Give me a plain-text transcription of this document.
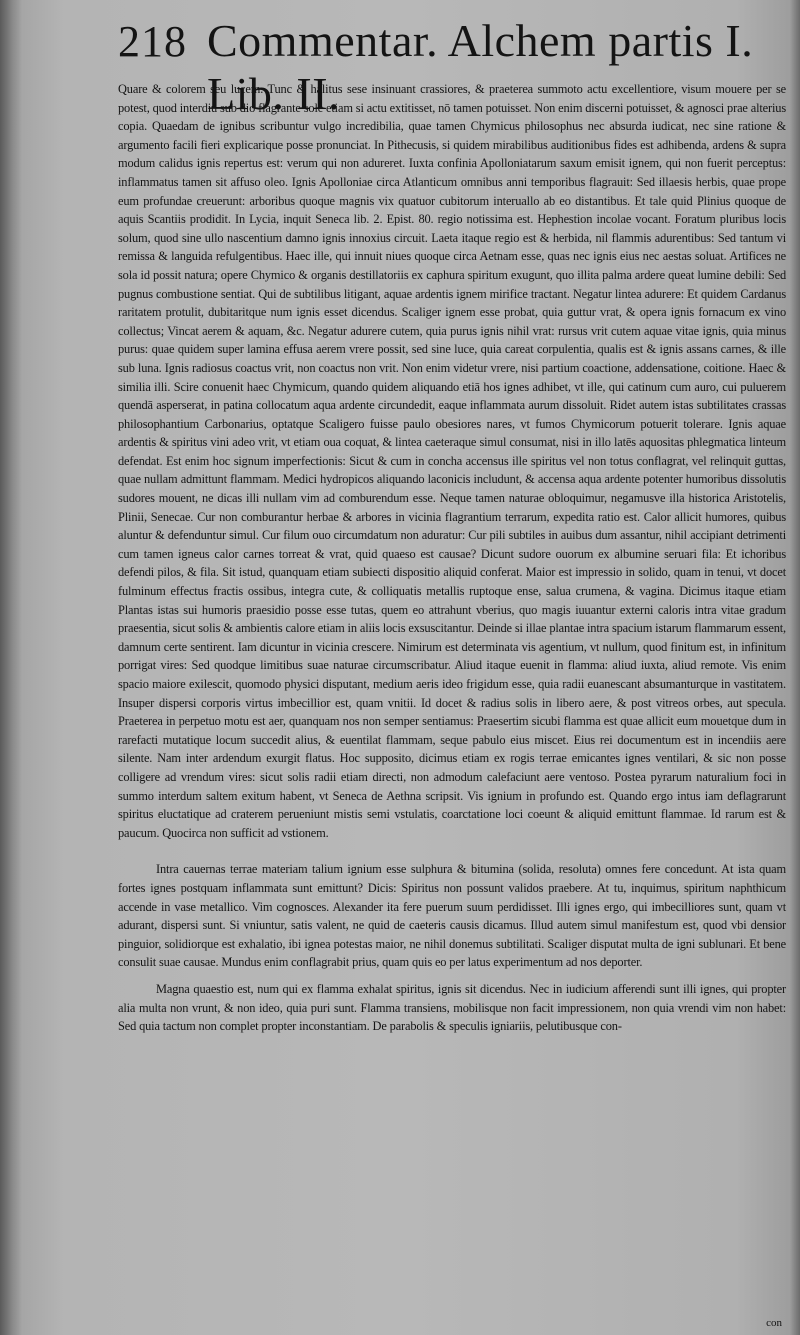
218 Commentar. Alchem partis I. Lib. II.

Quare & colorem seu lucem. Tunc & halitus sese insinuant crassiores, & praeterea summoto actu excellentiore, visum mouere per se potest, quod interdiu sub dio flagrante sole etiam si actu extitisset, nō tamen potuisset. Non enim discerni potuisset, & agnosci prae alterius copia. Quaedam de ignibus scribuntur vulgo incredibilia, quae tamen Chymicus philosophus nec absurda iudicat, nec sine ratione & argumento facili fieri explicarique posse pronunciat. In Pithecusis, si quidem mirabilibus auditionibus fides est adhibenda, ardens & supra modum calidus ignis repertus est: verum qui non adureret. Iuxta confinia Apolloniatarum saxum emisit ignem, qui non fuerit perceptus: inflammatus tamen sit affuso oleo. Ignis Apolloniae circa Atlanticum omnibus anni temporibus flagrauit: Sed illaesis herbis, quae prope eum profundae creuerunt: arboribus quoque magnis vix quatuor cubitorum interuallo ab eo distantibus. Et tale quid Plinius quoque de aquis Scantiis prodidit. In Lycia, inquit Seneca lib. 2. Epist. 80. regio notissima est. Hephestion incolae vocant. Foratum pluribus locis solum, quod sine ullo nascentium damno ignis innoxius circuit. Laeta itaque regio est & herbida, nil flammis adurentibus: Sed tantum vi remissa & languida refulgentibus. Haec ille, qui innuit niues quoque circa Aetnam esse, quas nec ignis eius nec aestas soluat. Artifices ne sola id possit natura; opere Chymico & organis destillatoriis ex caphura spiritum exugunt, quo illita palma ardere queat lumine debili: Sed pugnus combustione sentiat. Qui de subtilibus litigant, aquae ardentis ignem mirifice tractant. Negatur lintea adurere: Et quidem Cardanus raritatem protulit, dubitaritque num ignis esset dicendus. Scaliger ignem esse probat, quia guttur vrat, & opera ignis fornacum ex vino collectus; Vincat aerem & aquam, &c. Negatur adurere cutem, quia purus ignis nihil vrat: rursus vrit cutem aquae vitae ignis, quia minus purus: quae quidem super lamina effusa aerem vrere possit, sed sine luce, quia careat corpulentia, qualis est & ignis assans carnes, & ille sub luna. Ignis radiosus coactus vrit, non coactus non vrit. Non enim videtur vrere, nisi partium coactione, addensatione, coitione. Haec & similia illi. Scire conuenit haec Chymicum, quando quidem aliquando etiā hos ignes adhibet, vt ille, qui catinum cum auro, cui puluerem quendā asperserat, in patina collocatum aqua ardente circundedit, eaque inflammata aurum dissoluit. Ridet autem istas subtilitates crassas philosophantium Carbonarius, optatque Scaligero fuisse paulo obesiores nares, vt fumos Chymicorum potuerit tolerare. Ignis aquae ardentis & spiritus vini adeo vrit, vt etiam oua coquat, & lintea caeteraque simul consumat, nisi in illo latēs aquositas phlegmatica linteum defendat. Est enim hoc signum imperfectionis: Sicut & cum in concha accensus ille spiritus vel non totus conflagrat, vel relinquit guttas, quae nullam admittunt flammam. Medici hydropicos aliquando laconicis includunt, & accensa aqua ardente potenter humoribus dissolutis sudores mouent, ne dicas illi nullam vim ad comburendum esse. Neque tamen naturae obloquimur, negamusve illa historica Aristotelis, Plinii, Senecae. Cur non comburantur herbae & arbores in vicinia flagrantium terrarum, expedita ratio est. Calor allicit humores, quibus aluntur & defenduntur simul. Cur filum ouo circumdatum non aduratur: Cur pili subtiles in auibus dum assantur, nihil accipiant detrimenti cum tamen igneus calor carnes torreat & vrat, quid quaeso est causae? Dicunt sudore ouorum ex albumine seruari fila: Et ichoribus defendi pilos, & fila. Sit istud, quanquam etiam subiecti dispositio aliquid conferat. Maior est impressio in solido, quam in tenui, vt docet fulminum effectus fractis ossibus, integra cute, & colliquatis metallis ruptoque ense, salua crumena, & vagina. Dicimus itaque etiam Plantas istas sui humoris praesidio posse esse tutas, quem eo attrahunt vberius, quo magis iuuantur externi caloris intra vitae gradum praesentia, sicut solis & ambientis calore etiam in aliis locis exsuscitantur. Deinde si illae plantae intra spacium istarum flammarum essent, damnum certe sentirent. Iam dicuntur in vicinia crescere. Nimirum est determinata vis agentium, vt nullum, quod finitum est, in infinitum porrigat vires: Sed quodque limitibus suae naturae circumscribatur. Aliud itaque euenit in flamma: aliud iuxta, aliud remote. Vis enim spacio maiore exilescit, quomodo physici disputant, medium aeris ideo frigidum esse, quia radii euanescant absumanturque in vastitatem. Insuper dispersi corporis virtus imbecillior est, quam vnitii. Id docet & radius solis in libero aere, & post vitreos orbes, aut specula. Praeterea in perpetuo motu est aer, quanquam nos non semper sentiamus: Praesertim sicubi flamma est quae allicit eum mouetque dum in rarefacti mutatique locum succedit alius, & euentilat flammam, seque pabulo eius miscet. Eius rei documentum est in incendiis aere silente. Nam inter ardendum exurgit flatus. Hoc supposito, dicimus etiam ex rogis terrae emicantes ignes ventilari, & sic non posse colligere ad vrendum vires: sicut solis radii etiam directi, non admodum calefaciunt aere ventoso. Postea pyrarum naturalium foci in summo interdum saltem exitum habent, vt Seneca de Aethna scripsit. Vis ignium in profundo est. Quando ergo intus iam deflagrarunt spiritus eluctatique ad craterem perueniunt mistis semi vstulatis, coarctatione loci coeunt & aliquid emittunt flammae. Id rarum est & paucum. Quocirca non sufficit ad vstionem.

Intra cauernas terrae materiam talium ignium esse sulphura & bitumina (solida, resoluta) omnes fere concedunt. At ista quam fortes ignes postquam inflammata sunt emittunt? Dicis: Spiritus non possunt validos praebere. At tu, inquimus, spiritum naphthicum accende in vase metallico. Vim cognosces. Alexander ita fere puerum suum perdidisset. Illi ignes ergo, qui imbecilliores sunt, quam vt adurant, dispersi sunt. Si vniuntur, satis valent, ne quid de caeteris causis dicamus. Illud autem simul manifestum est, quod vbi densior pinguior, solidiorque est exhalatio, ibi ignea potestas maior, ne nihil donemus subtilitati. Scaliger disputat multa de igni sublunari. Et bene consulit suae causae. Mundus enim conflagrabit prius, quam quis eo per latus experimentum ad nos deporter.

Magna quaestio est, num qui ex flamma exhalat spiritus, ignis sit dicendus. Nec in iudicium afferendi sunt illi ignes, qui propter alia multa non vrunt, & non ideo, quia puri sunt. Flamma transiens, mobilisque non facit impressionem, non quia vrendi vim non habet: Sed quia tactum non complet propter inconstantiam. De parabolis & speculis igniariis, pelutibusque con-

con
